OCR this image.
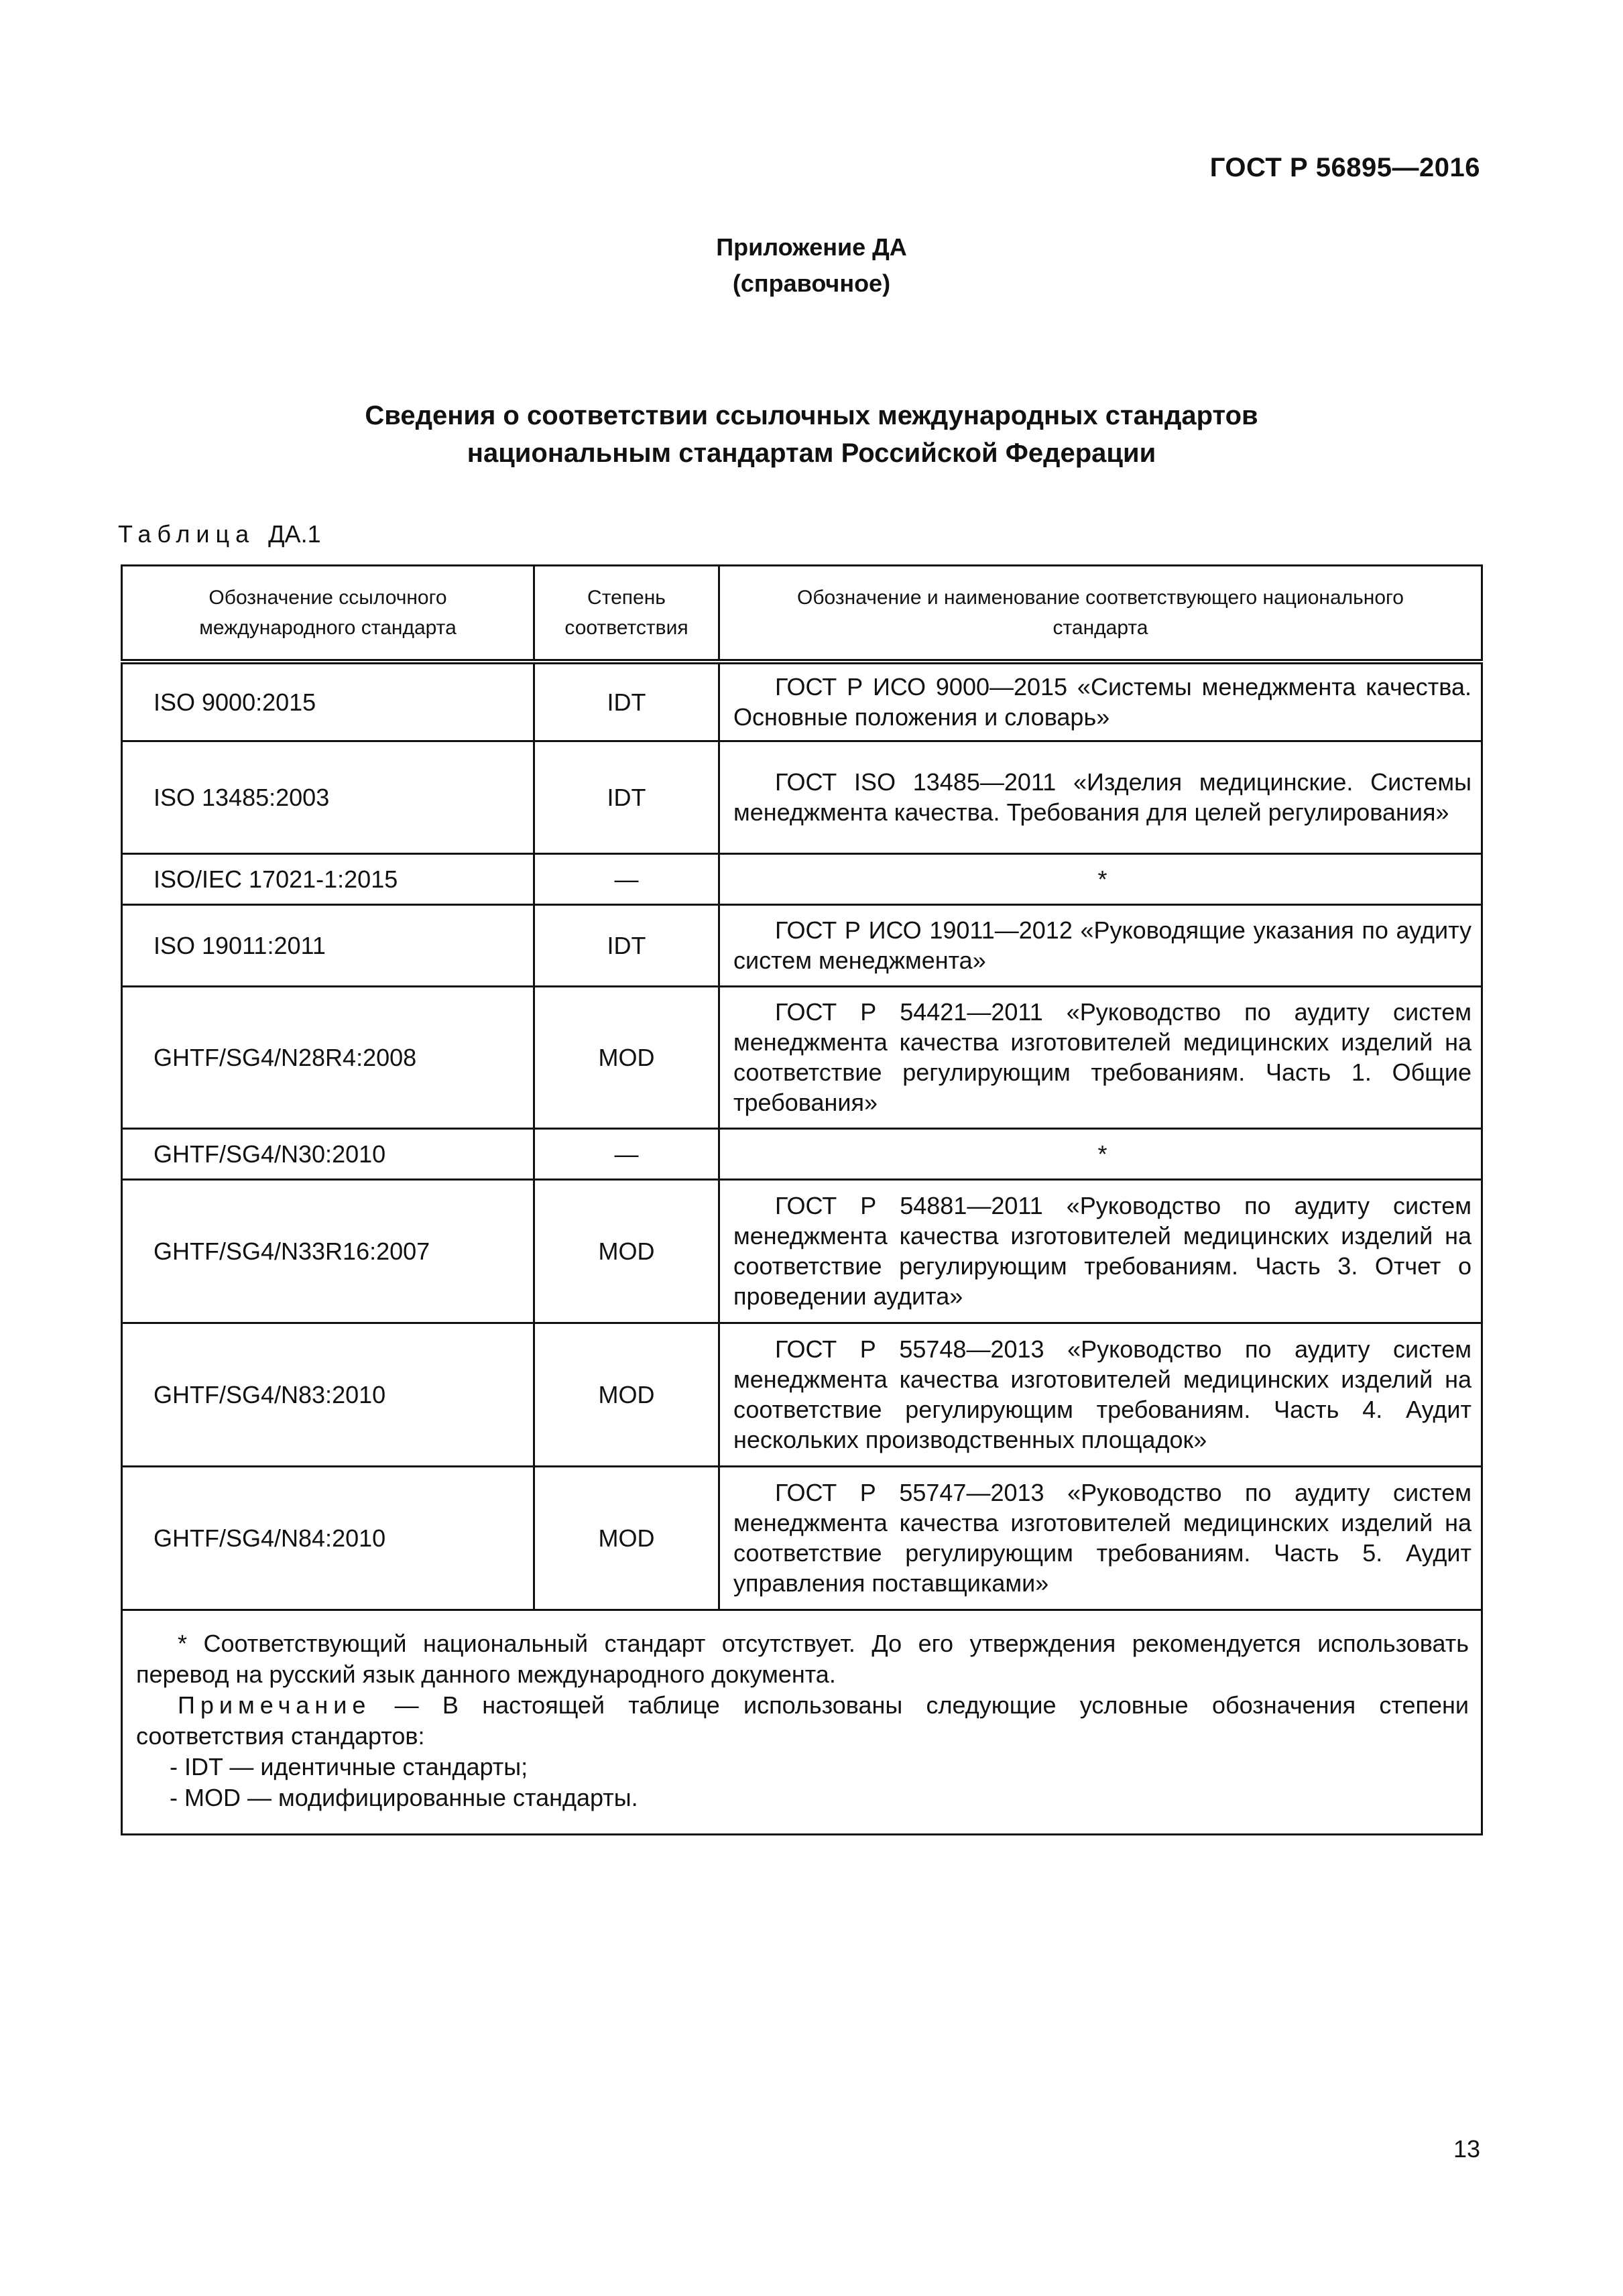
ГОСТ Р 56895—2016
Приложение ДА
(справочное)
Сведения о соответствии ссылочных международных стандартов
национальным стандартам Российской Федерации
Таблица ДА.1
Обозначение ссылочного международного стандарта	Степень соответствия	Обозначение и наименование соответствующего национального стандарта
ISO 9000:2015	IDT	ГОСТ Р ИСО 9000—2015 «Системы менеджмента качества. Основные положения и словарь»
ISO 13485:2003	IDT	ГОСТ ISO 13485—2011 «Изделия медицинские. Системы менеджмента качества. Требования для целей регулирования»
ISO/IEC 17021-1:2015	—	*
ISO 19011:2011	IDT	ГОСТ Р ИСО 19011—2012 «Руководящие указания по аудиту систем менеджмента»
GHTF/SG4/N28R4:2008	MOD	ГОСТ Р 54421—2011 «Руководство по аудиту систем менеджмента качества изготовителей медицинских изделий на соответствие регулирующим требованиям. Часть 1. Общие требования»
GHTF/SG4/N30:2010	—	*
GHTF/SG4/N33R16:2007	MOD	ГОСТ Р 54881—2011 «Руководство по аудиту систем менеджмента качества изготовителей медицинских изделий на соответствие регулирующим требованиям. Часть 3. Отчет о проведении аудита»
GHTF/SG4/N83:2010	MOD	ГОСТ Р 55748—2013 «Руководство по аудиту систем менеджмента качества изготовителей медицинских изделий на соответствие регулирующим требованиям. Часть 4. Аудит нескольких производственных площадок»
GHTF/SG4/N84:2010	MOD	ГОСТ Р 55747—2013 «Руководство по аудиту систем менеджмента качества изготовителей медицинских изделий на соответствие регулирующим требованиям. Часть 5. Аудит управления поставщиками»

* Соответствующий национальный стандарт отсутствует. До его утверждения рекомендуется использовать перевод на русский язык данного международного документа.

Примечание — В настоящей таблице использованы следующие условные обозначения степени соответствия стандартов:

- IDT — идентичные стандарты;

- MOD — модифицированные стандарты.		

13
